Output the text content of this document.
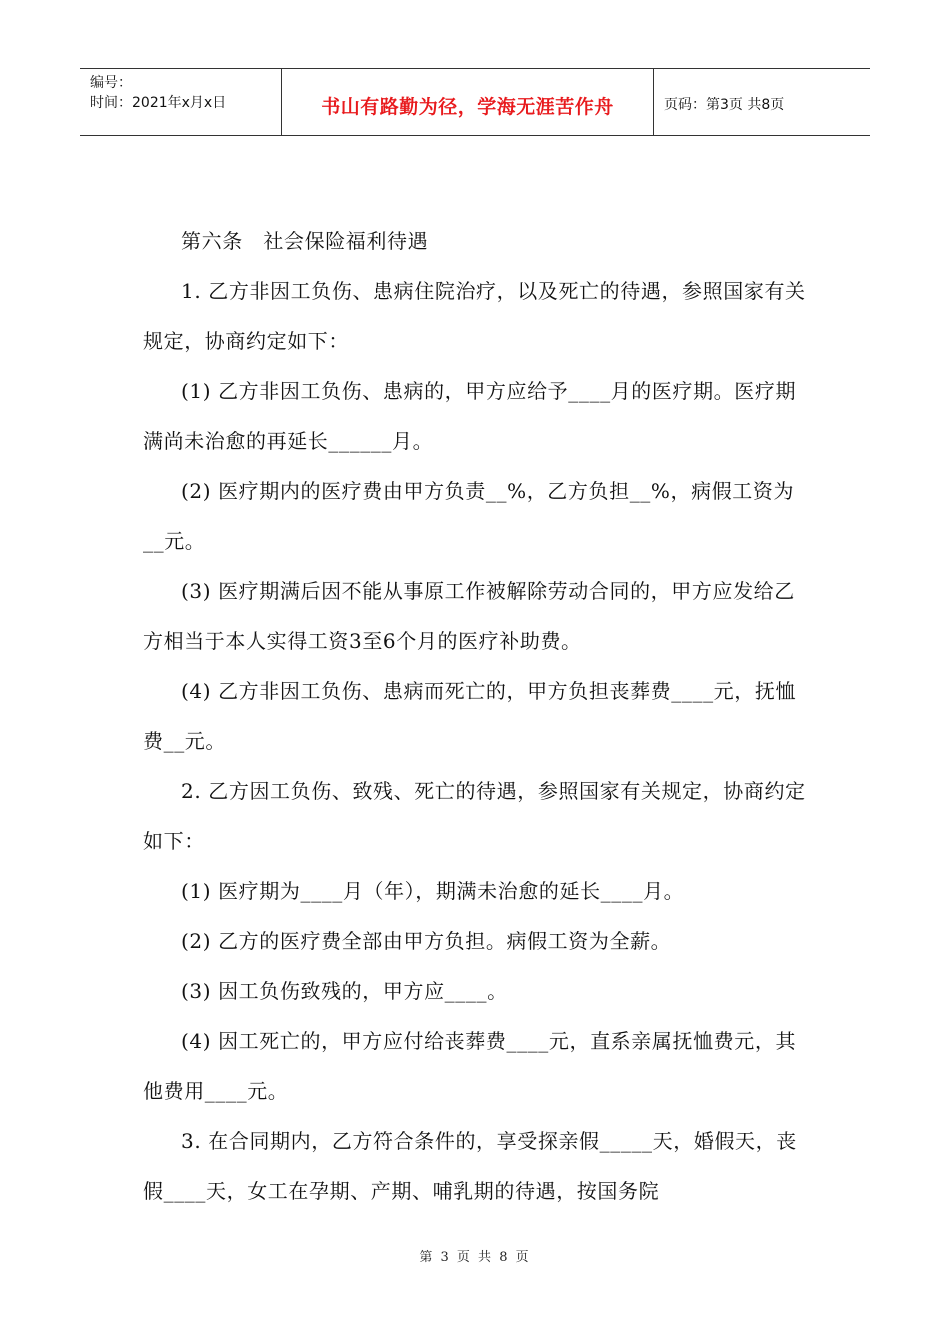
编号：
时间：2021年x月x日	书山有路勤为径，学海无涯苦作舟	页码：第3页 共8页

第六条　社会保险福利待遇

1. 乙方非因工负伤、患病住院治疗，以及死亡的待遇，参照国家有关规定，协商约定如下：

(1) 乙方非因工负伤、患病的，甲方应给予____月的医疗期。医疗期满尚未治愈的再延长______月。

(2) 医疗期内的医疗费由甲方负责__%，乙方负担__%，病假工资为__元。

(3) 医疗期满后因不能从事原工作被解除劳动合同的，甲方应发给乙方相当于本人实得工资3至6个月的医疗补助费。

(4) 乙方非因工负伤、患病而死亡的，甲方负担丧葬费____元，抚恤费__元。

2. 乙方因工负伤、致残、死亡的待遇，参照国家有关规定，协商约定如下：

(1) 医疗期为____月（年），期满未治愈的延长____月。

(2) 乙方的医疗费全部由甲方负担。病假工资为全薪。

(3) 因工负伤致残的，甲方应____。

(4) 因工死亡的，甲方应付给丧葬费____元，直系亲属抚恤费元，其他费用____元。

3. 在合同期内，乙方符合条件的，享受探亲假_____天，婚假天，丧假____天，女工在孕期、产期、哺乳期的待遇，按国务院

第 3 页 共 8 页
